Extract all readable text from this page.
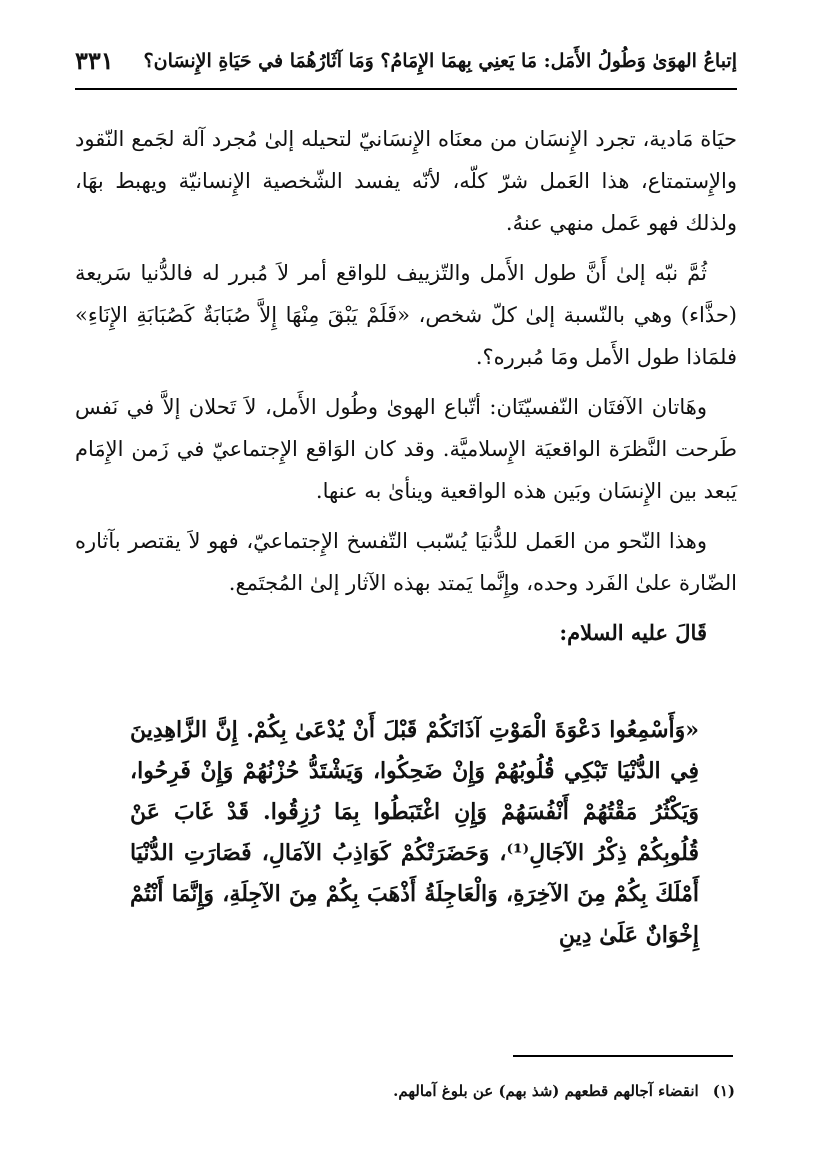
إتباعُ الهوَىٰ وَطُولُ الأَمَل: مَا يَعنِي بِهمَا الإِمَامُ؟ وَمَا آثَارُهُمَا في حَيَاةِ الإِنسَان؟
٣٣١

حيَاة مَادية، تجرد الإِنسَان من معنَاه الإِنسَانيّ لتحيله إلىٰ مُجرد آلة لجَمع النّقود والإِستمتاع، هذا العَمل شرّ كلّه، لأنّه يفسد الشّخصية الإِنسانيّة ويهبط بهَا، ولذلك فهو عَمل منهي عنهُ.

ثُمَّ نبّه إلىٰ أَنَّ طول الأَمل والتّزييف للواقع أمر لاَ مُبرر له فالدُّنيا سَريعة (حذَّاء) وهي بالنّسبة إلىٰ كلّ شخص، «فَلَمْ يَبْقَ مِنْهَا إِلاَّ صُبَابَةٌ كَصُبَابَةِ الإِنَاءِ» فلمَاذا طول الأَمل ومَا مُبرره؟.

وهَاتان الآفتَان النّفسيّتَان: أتّباع الهوىٰ وطُول الأَمل، لاَ تَحلان إلاَّ في نَفس طَرحت النَّظرَة الواقعيَة الإِسلاميَّة. وقد كان الوَاقع الإِجتماعيّ في زَمن الإِمَام يَبعد بين الإِنسَان وبَين هذه الواقعية وينأىٰ به عنها.

وهذا النّحو من العَمل للدُّنيَا يُسّبب التّفسخ الإِجتماعيّ، فهو لاَ يقتصر بآثاره الضّارة علىٰ الفَرد وحده، وإِنَّما يَمتد بهذه الآثار إلىٰ المُجتَمع.

قَالَ عليه السلام:

«وَأَسْمِعُوا دَعْوَةَ الْمَوْتِ آذَانَكُمْ قَبْلَ أَنْ يُدْعَىٰ بِكُمْ. إِنَّ الزَّاهِدِينَ فِي الدُّنْيَا تَبْكِي قُلُوبُهُمْ وَإِنْ ضَحِكُوا، وَيَشْتَدُّ حُزْنُهُمْ وَإِنْ فَرِحُوا، وَيَكْثُرُ مَقْتُهُمْ أَنْفُسَهُمْ وَإِنِ اغْتَبَطُوا بِمَا رُزِقُوا. قَدْ غَابَ عَنْ قُلُوبِكُمْ ذِكْرُ الآجَالِ⁽¹⁾، وَحَضَرَتْكُمْ كَوَاذِبُ الآمَالِ، فَصَارَتِ الدُّنْيَا أَمْلَكَ بِكُمْ مِنَ الآخِرَةِ، وَالْعَاجِلَةُ أَذْهَبَ بِكُمْ مِنَ الآجِلَةِ، وَإِنَّمَا أَنْتُمْ إِخْوَانٌ عَلَىٰ دِينِ

(١)انقضاء آجالهم قطعهم (شذ بهم) عن بلوغ آمالهم.
